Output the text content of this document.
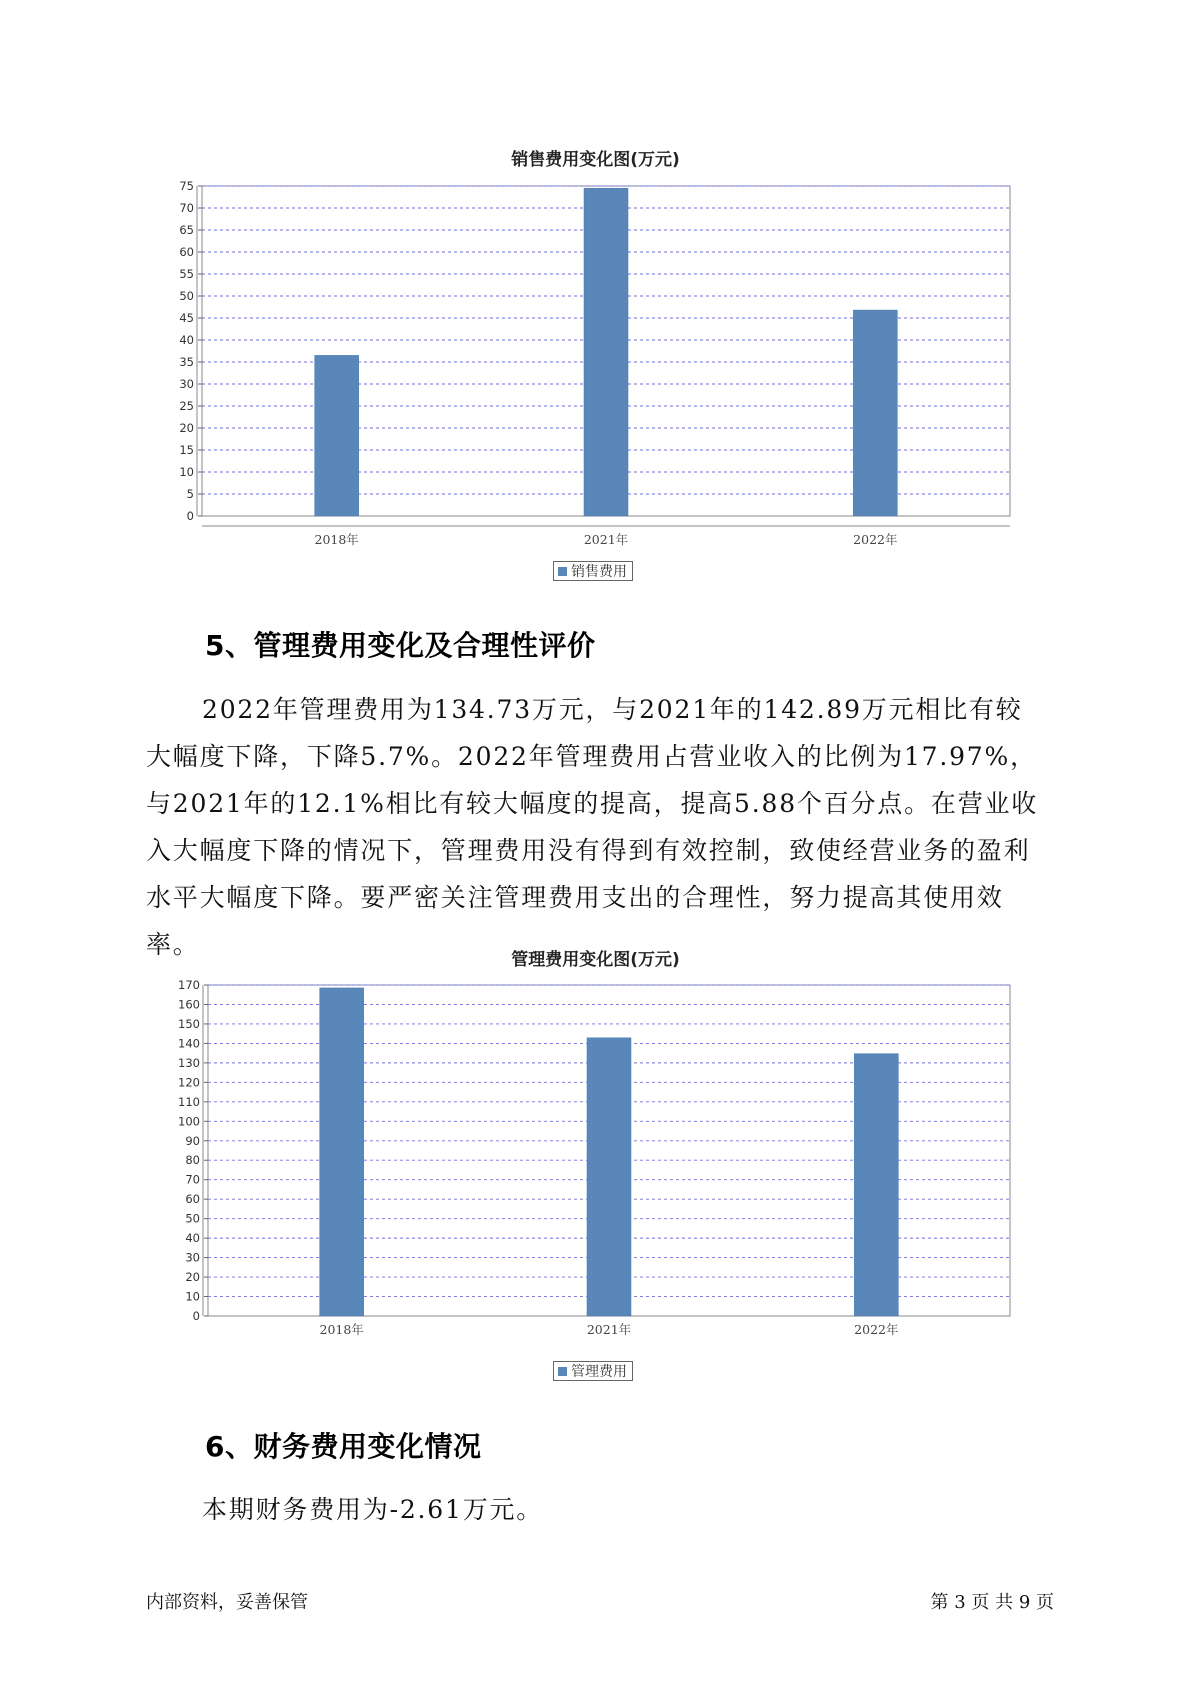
销售费用变化图(万元)
0
5
10
15
20
25
30
35
40
45
50
55
60
65
70
75
2018年	2021年	2022年
销售费用
5、管理费用变化及合理性评价

2022年管理费用为134.73万元，与2021年的142.89万元相比有较大幅度下降，下降5.7%。2022年管理费用占营业收入的比例为17.97%，与2021年的12.1%相比有较大幅度的提高，提高5.88个百分点。在营业收入大幅度下降的情况下，管理费用没有得到有效控制，致使经营业务的盈利水平大幅度下降。要严密关注管理费用支出的合理性，努力提高其使用效率。

管理费用变化图(万元)
0
10
20
30
40
50
60
70
80
90
100
110
120
130
140
150
160
170
2018年	2021年	2022年
管理费用
6、财务费用变化情况

本期财务费用为-2.61万元。

内部资料，妥善保管	第 3 页 共 9 页
